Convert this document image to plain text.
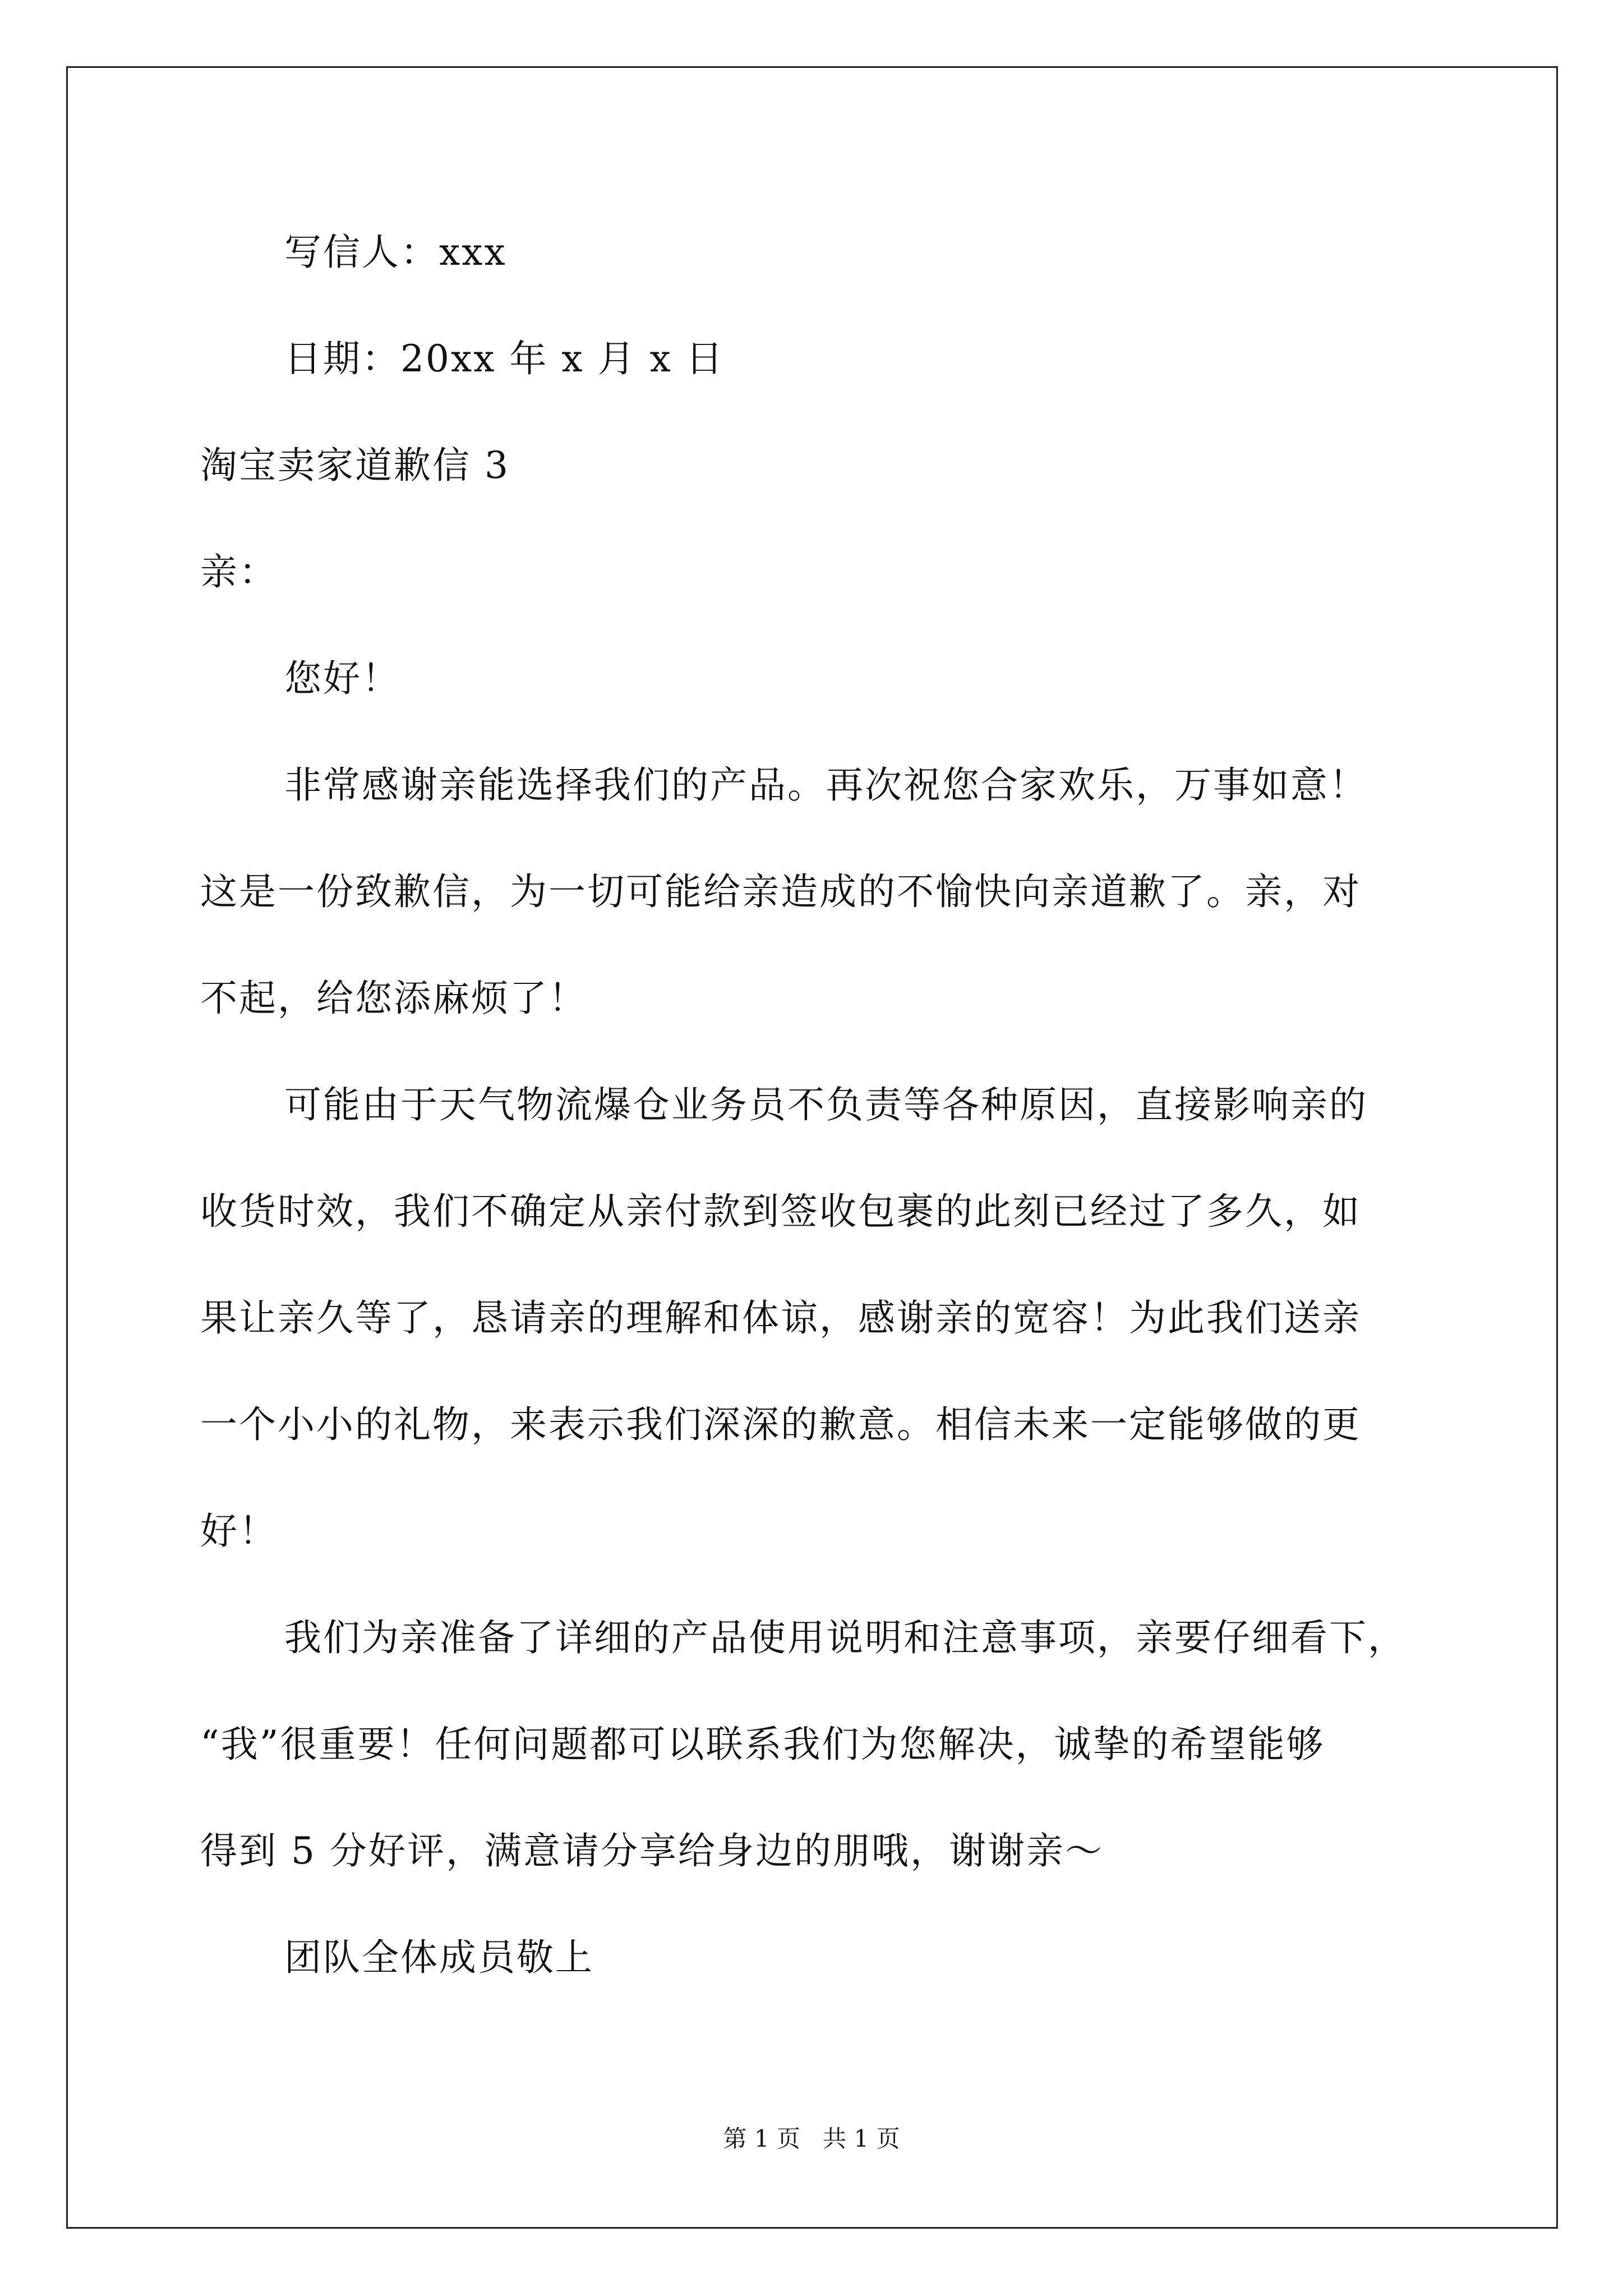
写信人：xxx
日期：20xx 年 x 月 x 日
淘宝卖家道歉信 3
亲：
您好！
非常感谢亲能选择我们的产品。再次祝您合家欢乐，万事如意！
这是一份致歉信，为一切可能给亲造成的不愉快向亲道歉了。亲，对
不起，给您添麻烦了！
可能由于天气物流爆仓业务员不负责等各种原因，直接影响亲的
收货时效，我们不确定从亲付款到签收包裹的此刻已经过了多久，如
果让亲久等了，恳请亲的理解和体谅，感谢亲的宽容！为此我们送亲
一个小小的礼物，来表示我们深深的歉意。相信未来一定能够做的更
好！
我们为亲准备了详细的产品使用说明和注意事项，亲要仔细看下，
“我”很重要！任何问题都可以联系我们为您解决，诚挚的希望能够
得到 5 分好评，满意请分享给身边的朋哦，谢谢亲～
团队全体成员敬上
第 1 页   共 1 页
